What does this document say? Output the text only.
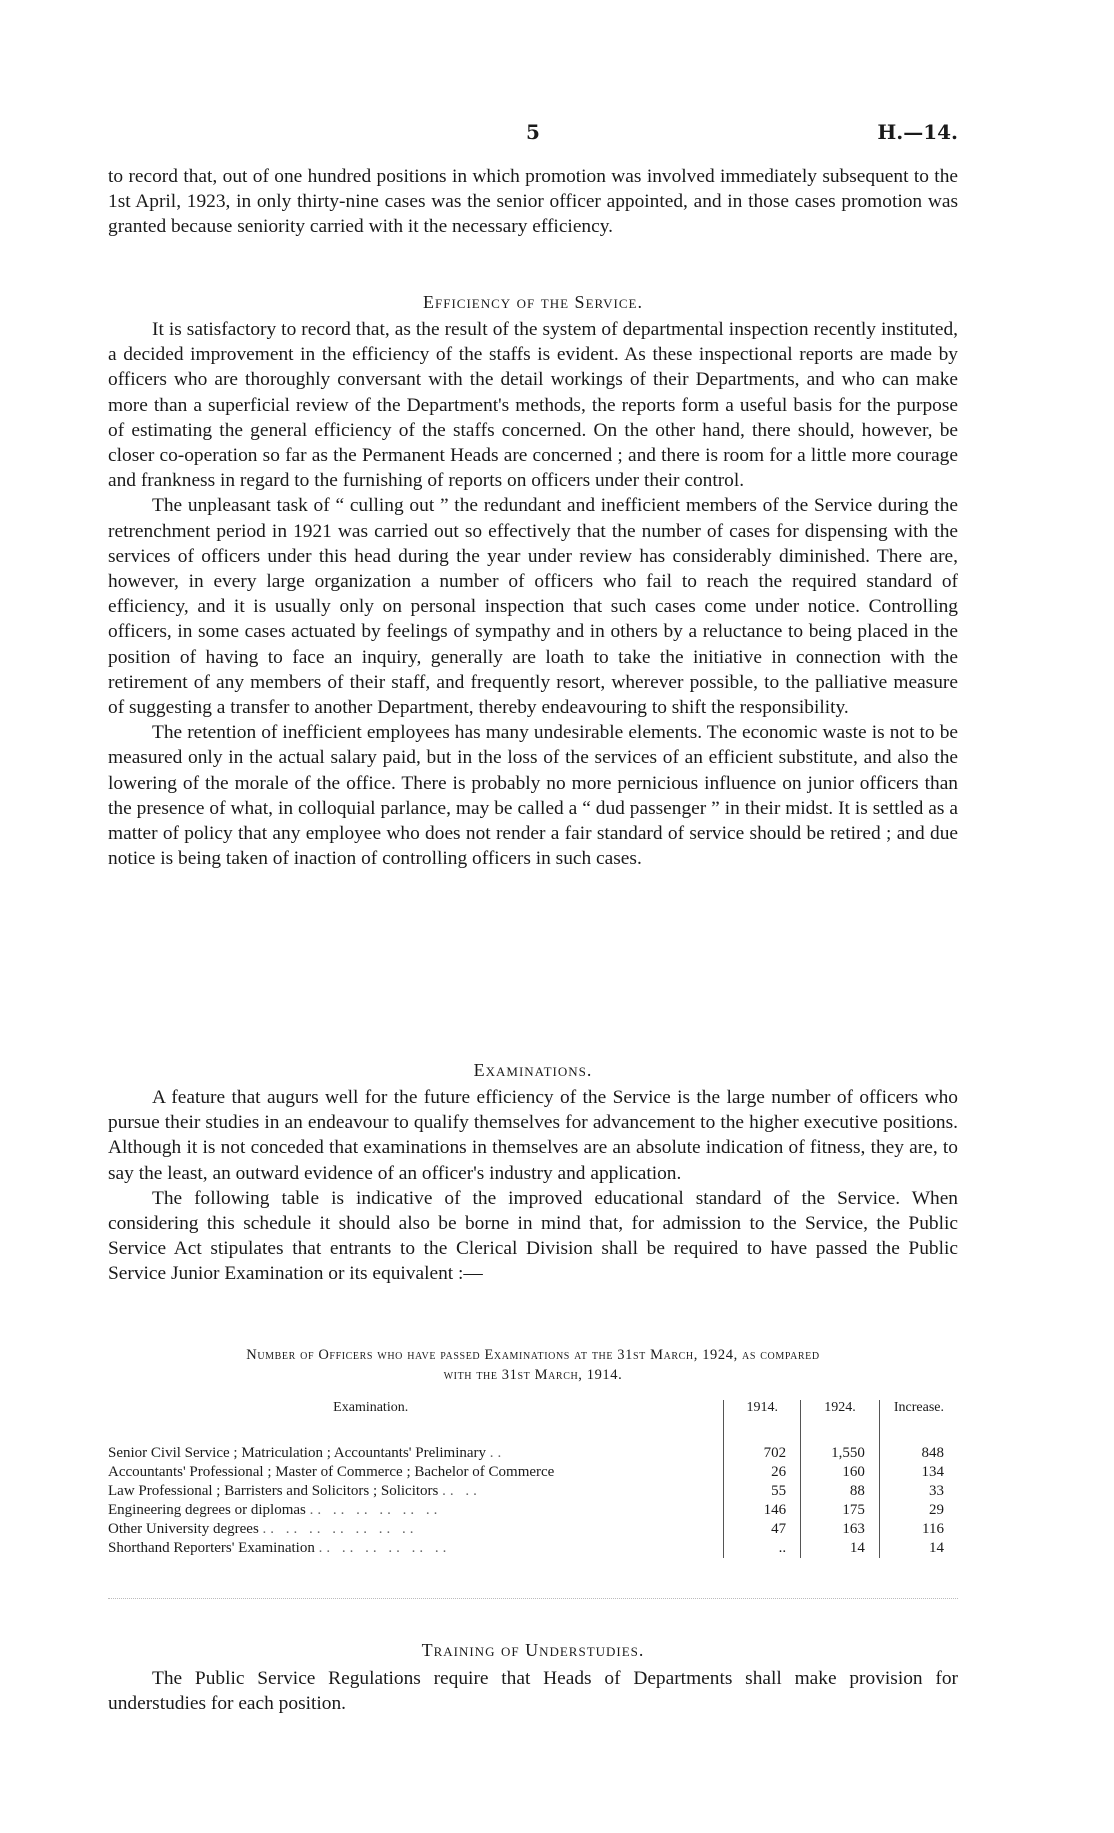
5	H.—14.

to record that, out of one hundred positions in which promotion was involved immediately subsequent to the 1st April, 1923, in only thirty-nine cases was the senior officer appointed, and in those cases promotion was granted because seniority carried with it the necessary efficiency.

Efficiency of the Service.

It is satisfactory to record that, as the result of the system of departmental inspection recently instituted, a decided improvement in the efficiency of the staffs is evident. As these inspectional reports are made by officers who are thoroughly conversant with the detail workings of their Departments, and who can make more than a superficial review of the Department's methods, the reports form a useful basis for the purpose of estimating the general efficiency of the staffs concerned. On the other hand, there should, however, be closer co-operation so far as the Permanent Heads are concerned ; and there is room for a little more courage and frankness in regard to the furnishing of reports on officers under their control.

The unpleasant task of “ culling out ” the redundant and inefficient members of the Service during the retrenchment period in 1921 was carried out so effectively that the number of cases for dispensing with the services of officers under this head during the year under review has considerably diminished. There are, however, in every large organization a number of officers who fail to reach the required standard of efficiency, and it is usually only on personal inspection that such cases come under notice. Controlling officers, in some cases actuated by feelings of sympathy and in others by a reluctance to being placed in the position of having to face an inquiry, generally are loath to take the initiative in connection with the retirement of any members of their staff, and frequently resort, wherever possible, to the palliative measure of suggesting a transfer to another Department, thereby endeavouring to shift the responsibility.

The retention of inefficient employees has many undesirable elements. The economic waste is not to be measured only in the actual salary paid, but in the loss of the services of an efficient substitute, and also the lowering of the morale of the office. There is probably no more pernicious influence on junior officers than the presence of what, in colloquial parlance, may be called a “ dud passenger ” in their midst. It is settled as a matter of policy that any employee who does not render a fair standard of service should be retired ; and due notice is being taken of inaction of controlling officers in such cases.

Examinations.

A feature that augurs well for the future efficiency of the Service is the large number of officers who pursue their studies in an endeavour to qualify themselves for advancement to the higher executive positions. Although it is not conceded that examinations in themselves are an absolute indication of fitness, they are, to say the least, an outward evidence of an officer's industry and application.

The following table is indicative of the improved educational standard of the Service. When considering this schedule it should also be borne in mind that, for admission to the Service, the Public Service Act stipulates that entrants to the Clerical Division shall be required to have passed the Public Service Junior Examination or its equivalent :—

Number of Officers who have passed Examinations at the 31st March, 1924, as compared
with the 31st March, 1914.
Examination.	1914.	1924.	Increase.
Senior Civil Service ; Matriculation ; Accountants' Preliminary ..	702	1,550	848
Accountants' Professional ; Master of Commerce ; Bachelor of Commerce	26	160	134
Law Professional ; Barristers and Solicitors ; Solicitors .. ..	55	88	33
Engineering degrees or diplomas .. .. .. .. .. ..	146	175	29
Other University degrees .. .. .. .. .. .. ..	47	163	116
Shorthand Reporters' Examination .. .. .. .. .. ..	..	14	14
Training of Understudies.

The Public Service Regulations require that Heads of Departments shall make provision for understudies for each position.
